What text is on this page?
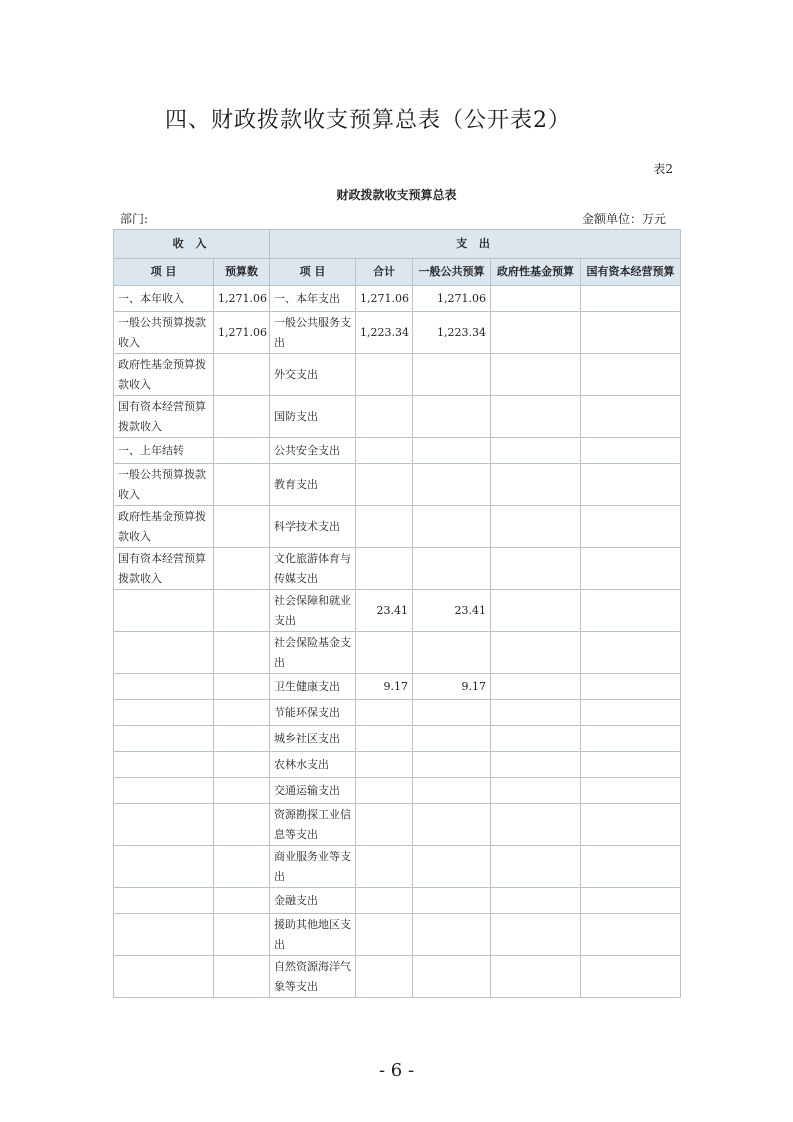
四、财政拨款收支预算总表（公开表2）
表2
财政拨款收支预算总表
部门:	金额单位：万元
收 入		支 出				
项 目	预算数	项 目	合计	一般公共预算	政府性基金预算	国有资本经营预算
一、本年收入	1,271.06	一、本年支出	1,271.06	1,271.06		
一般公共预算拨款收入	1,271.06	一般公共服务支出	1,223.34	1,223.34		
政府性基金预算拨款收入		外交支出				
国有资本经营预算拨款收入		国防支出				
一、上年结转		公共安全支出				
一般公共预算拨款收入		教育支出				
政府性基金预算拨款收入		科学技术支出				
国有资本经营预算拨款收入		文化旅游体育与传媒支出				
		社会保障和就业支出	23.41	23.41		
		社会保险基金支出				
		卫生健康支出	9.17	9.17		
		节能环保支出				
		城乡社区支出				
		农林水支出				
		交通运输支出				
		资源勘探工业信息等支出				
		商业服务业等支出				
		金融支出				
		援助其他地区支出				
		自然资源海洋气象等支出				
- 6 -
